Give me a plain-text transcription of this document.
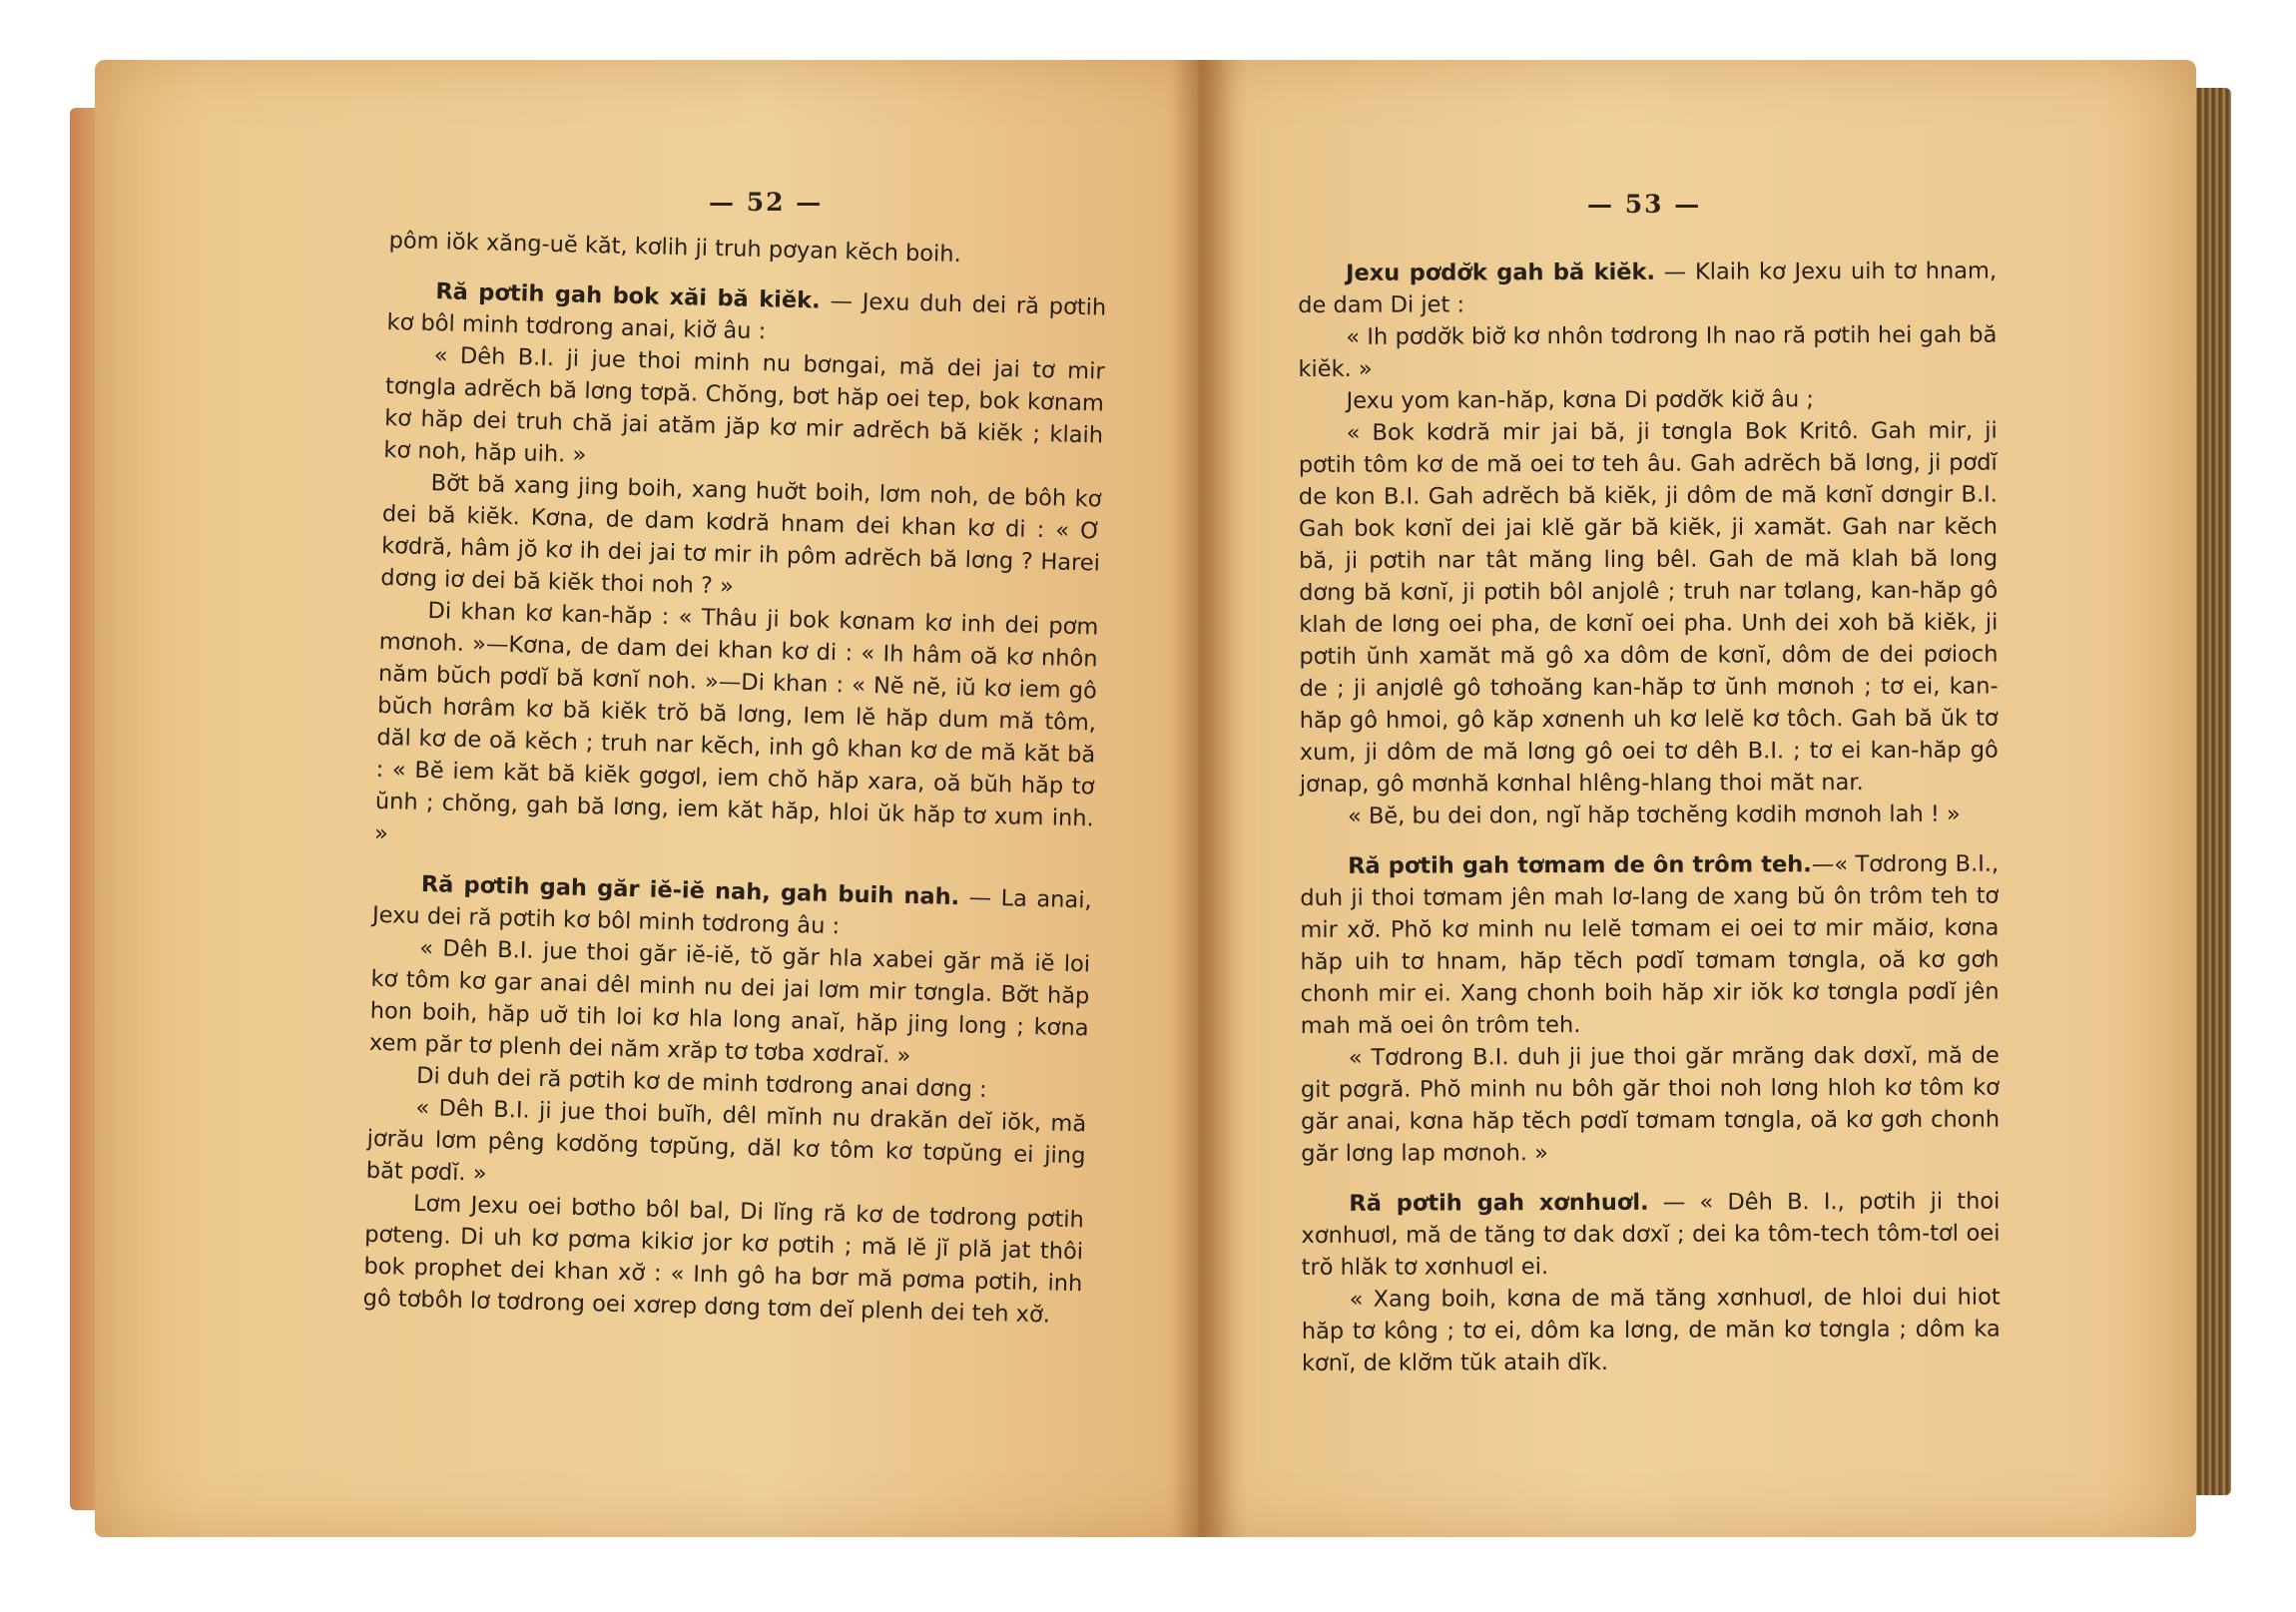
— 52 —	— 53 —

pôm iŏk xăng-uĕ kăt, kơlih ji truh pơyan kĕch boih.

Ră pơtih gah bok xăi bă kiĕk. — Jexu duh dei ră pơtih kơ bôl minh tơdrong anai, kiơ̆ âu :

« Dêh B.I. ji jue thoi minh nu bơngai, mă dei jai tơ mir tơngla adrĕch bă lơng tơpă. Chŏng, bơt hăp oei tep, bok kơnam kơ hăp dei truh chă jai atăm jăp kơ mir adrĕch bă kiĕk ; klaih kơ noh, hăp uih. »

Bơ̆t bă xang jing boih, xang huơ̆t boih, lơm noh, de bôh kơ dei bă kiĕk. Kơna, de dam kơdră hnam dei khan kơ di : « Ơ kơdră, hâm jŏ kơ ih dei jai tơ mir ih pôm adrĕch bă lơng ? Harei dơng iơ dei bă kiĕk thoi noh ? »

Di khan kơ kan-hăp : « Thâu ji bok kơnam kơ inh dei pơm mơnoh. »—Kơna, de dam dei khan kơ di : « Ih hâm oă kơ nhôn năm bŭch pơdĭ bă kơnĭ noh. »—Di khan : « Nĕ nĕ, iŭ kơ iem gô bŭch hơrâm kơ bă kiĕk trŏ bă lơng, Iem lĕ hăp dum mă tôm, dăl kơ de oă kĕch ; truh nar kĕch, inh gô khan kơ de mă kăt bă : « Bĕ iem kăt bă kiĕk gơgơl, iem chŏ hăp xara, oă bŭh hăp tơ ŭnh ; chŏng, gah bă lơng, iem kăt hăp, hloi ŭk hăp tơ xum inh. »

Ră pơtih gah găr iĕ-iĕ nah, gah buih nah. — La anai, Jexu dei ră pơtih kơ bôl minh tơdrong âu :

« Dêh B.I. jue thoi găr iĕ-iĕ, tŏ găr hla xabei găr mă iĕ loi kơ tôm kơ gar anai dêl minh nu dei jai lơm mir tơngla. Bơ̆t hăp hon boih, hăp uơ̆ tih loi kơ hla long anaĭ, hăp jing long ; kơna xem păr tơ plenh dei năm xrăp tơ tơba xơdraĭ. »

Di duh dei ră pơtih kơ de minh tơdrong anai dơng :

« Dêh B.I. ji jue thoi buĭh, dêl mĭnh nu drakăn deĭ iŏk, mă jơrău lơm pêng kơdŏng tơpŭng, dăl kơ tôm kơ tơpŭng ei jing băt pơdĭ. »

Lơm Jexu oei bơtho bôl bal, Di lĭng ră kơ de tơdrong pơtih pơteng. Di uh kơ pơma kikiơ jor kơ pơtih ; mă lĕ jĭ plă jat thôi bok prophet dei khan xơ̆ : « Inh gô ha bơr mă pơma pơtih, inh gô tơbôh lơ tơdrong oei xơrep dơng tơm deĭ plenh dei teh xơ̆.

Jexu pơdơ̆k gah bă kiĕk. — Klaih kơ Jexu uih tơ hnam, de dam Di jet :

« Ih pơdơ̆k biơ̆ kơ nhôn tơdrong Ih nao ră pơtih hei gah bă kiĕk. »

Jexu yom kan-hăp, kơna Di pơdơ̆k kiơ̆ âu ;

« Bok kơdră mir jai bă, ji tơngla Bok Kritô. Gah mir, ji pơtih tôm kơ de mă oei tơ teh âu. Gah adrĕch bă lơng, ji pơdĭ de kon B.I. Gah adrĕch bă kiĕk, ji dôm de mă kơnĭ dơngir B.I. Gah bok kơnĭ dei jai klĕ găr bă kiĕk, ji xamăt. Gah nar kĕch bă, ji pơtih nar tât măng ling bêl. Gah de mă klah bă long dơng bă kơnĭ, ji pơtih bôl anjolê ; truh nar tơlang, kan-hăp gô klah de lơng oei pha, de kơnĭ oei pha. Unh dei xoh bă kiĕk, ji pơtih ŭnh xamăt mă gô xa dôm de kơnĭ, dôm de dei pơioch de ; ji anjơlê gô tơhoăng kan-hăp tơ ŭnh mơnoh ; tơ ei, kan-hăp gô hmoi, gô kăp xơnenh uh kơ lelĕ kơ tôch. Gah bă ŭk tơ xum, ji dôm de mă lơng gô oei tơ dêh B.I. ; tơ ei kan-hăp gô jơnap, gô mơnhă kơnhal hlêng-hlang thoi măt nar.

« Bĕ, bu dei don, ngĭ hăp tơchĕng kơdih mơnoh lah ! »

Ră pơtih gah tơmam de ôn trôm teh.—« Tơdrong B.I., duh ji thoi tơmam jên mah lơ-lang de xang bŭ ôn trôm teh tơ mir xơ̆. Phŏ kơ minh nu lelĕ tơmam ei oei tơ mir măiơ, kơna hăp uih tơ hnam, hăp tĕch pơdĭ tơmam tơngla, oă kơ gơh chonh mir ei. Xang chonh boih hăp xir iŏk kơ tơngla pơdĭ jên mah mă oei ôn trôm teh.

« Tơdrong B.I. duh ji jue thoi găr mrăng dak dơxĭ, mă de git pơgră. Phŏ minh nu bôh găr thoi noh lơng hloh kơ tôm kơ găr anai, kơna hăp tĕch pơdĭ tơmam tơngla, oă kơ gơh chonh găr lơng lap mơnoh. »

Ră pơtih gah xơnhuơl. — « Dêh B. I., pơtih ji thoi xơnhuơl, mă de tăng tơ dak dơxĭ ; dei ka tôm-tech tôm-tơl oei trŏ hlăk tơ xơnhuơl ei.

« Xang boih, kơna de mă tăng xơnhuơl, de hloi dui hiot hăp tơ kông ; tơ ei, dôm ka lơng, de măn kơ tơngla ; dôm ka kơnĭ, de klơ̆m tŭk ataih dĭk.

IRASIA
